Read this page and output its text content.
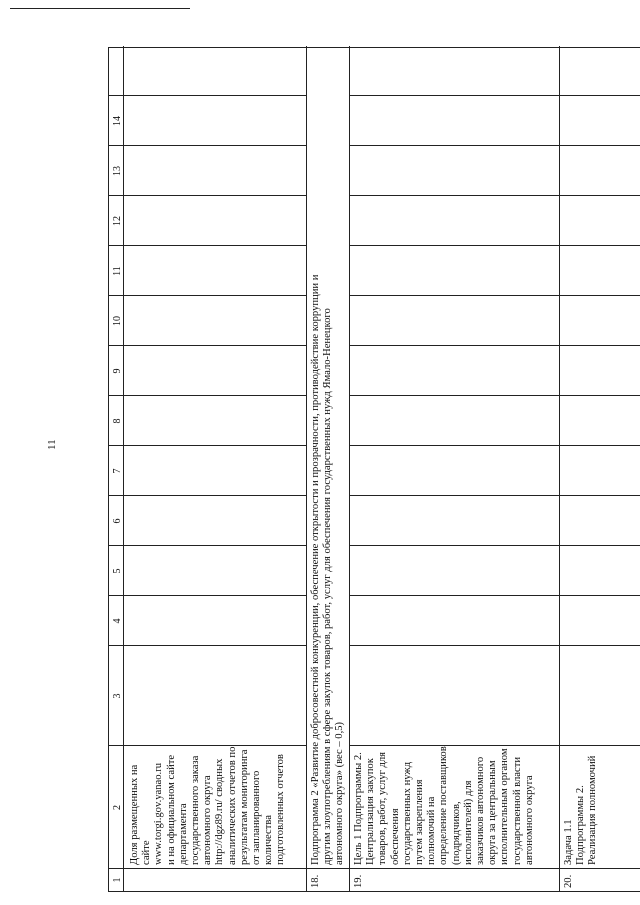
11
1
2
3
4
5
6
7
8
9
10
11
12
13
14
Доля размещенных на сайте www.torgi.gov.yanao.ru и на официальном сайте департамента государственного заказа автономного округа http://dgz89.ru/ сводных аналитических отчетов по результатам мониторинга от запланированного количества подготовленных отчетов
18.
Подпрограмма 2 «Развитие добросовестной конкуренции, обеспечение открытости и прозрачности, противодействие коррупции и другим злоупотреблениям в сфере закупок товаров, работ, услуг для обеспечения государственных нужд Ямало-Ненецкого автономного округа» (вес – 0,5)
19.
Цель 1 Подпрограммы 2. Централизация закупок товаров, работ, услуг для обеспечения государственных нужд путем закрепления полномочий на определение поставщиков (подрядчиков, исполнителей) для заказчиков автономного округа за центральным исполнительным органом государственной власти автономного округа
20.
Задача 1.1 Подпрограммы 2. Реализация полномочий
